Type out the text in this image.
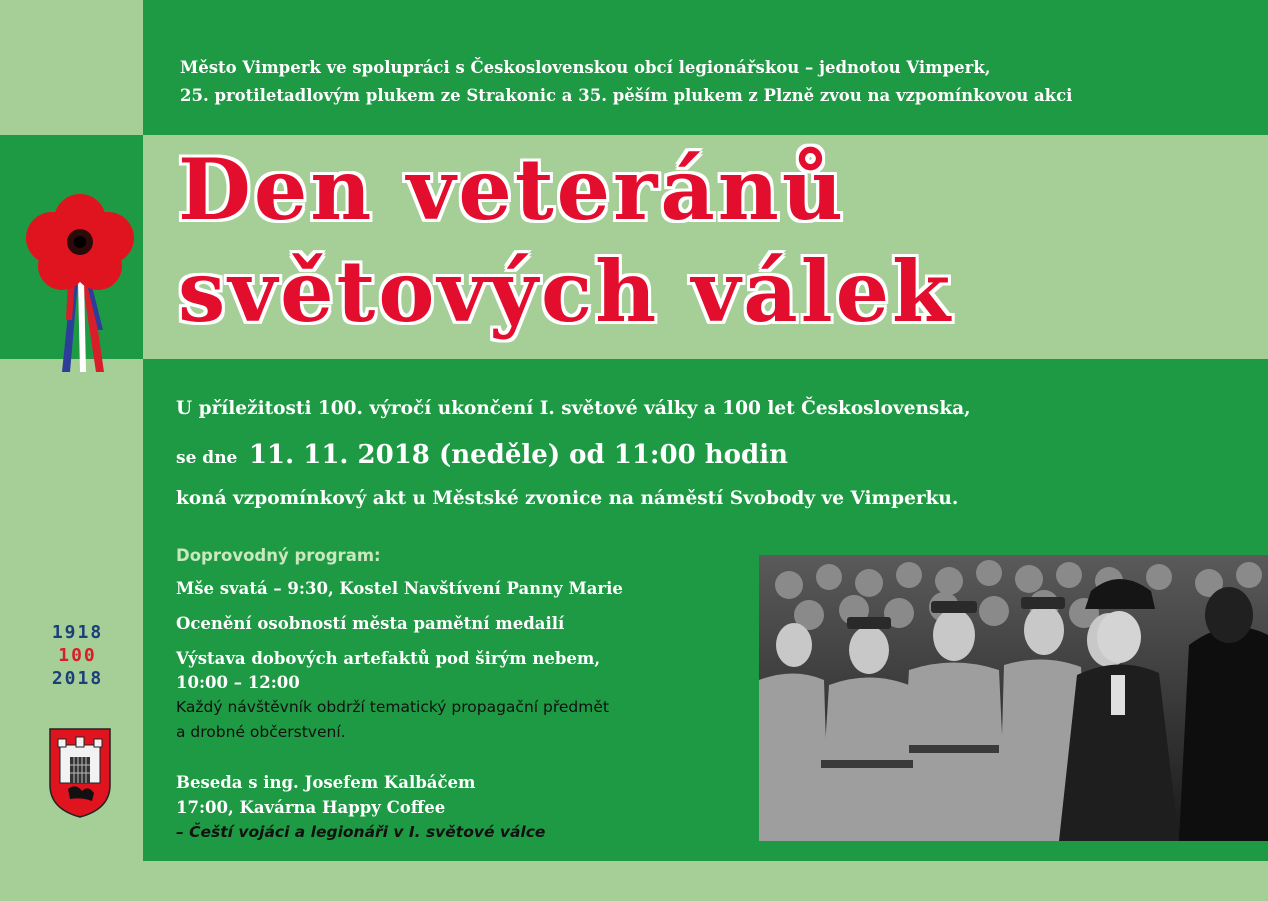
Město Vimperk ve spolupráci s Československou obcí legionářskou – jednotou Vimperk,
25. protiletadlovým plukem ze Strakonic a 35. pěším plukem z Plzně zvou na vzpomínkovou akci
Den veteránů
světových válek
U příležitosti 100. výročí ukončení I. světové války a 100 let Československa,
se dne 11. 11. 2018 (neděle) od 11:00 hodin
koná vzpomínkový akt u Městské zvonice na náměstí Svobody ve Vimperku.
Doprovodný program:
Mše svatá – 9:30, Kostel Navštívení Panny Marie
Ocenění osobností města pamětní medailí
Výstava dobových artefaktů pod širým nebem,
10:00 – 12:00
Každý návštěvník obdrží tematický propagační předmět
a drobné občerstvení.
Beseda s ing. Josefem Kalbáčem
17:00, Kavárna Happy Coffee
– Čeští vojáci a legionáři v I. světové válce
1918
100
2018
